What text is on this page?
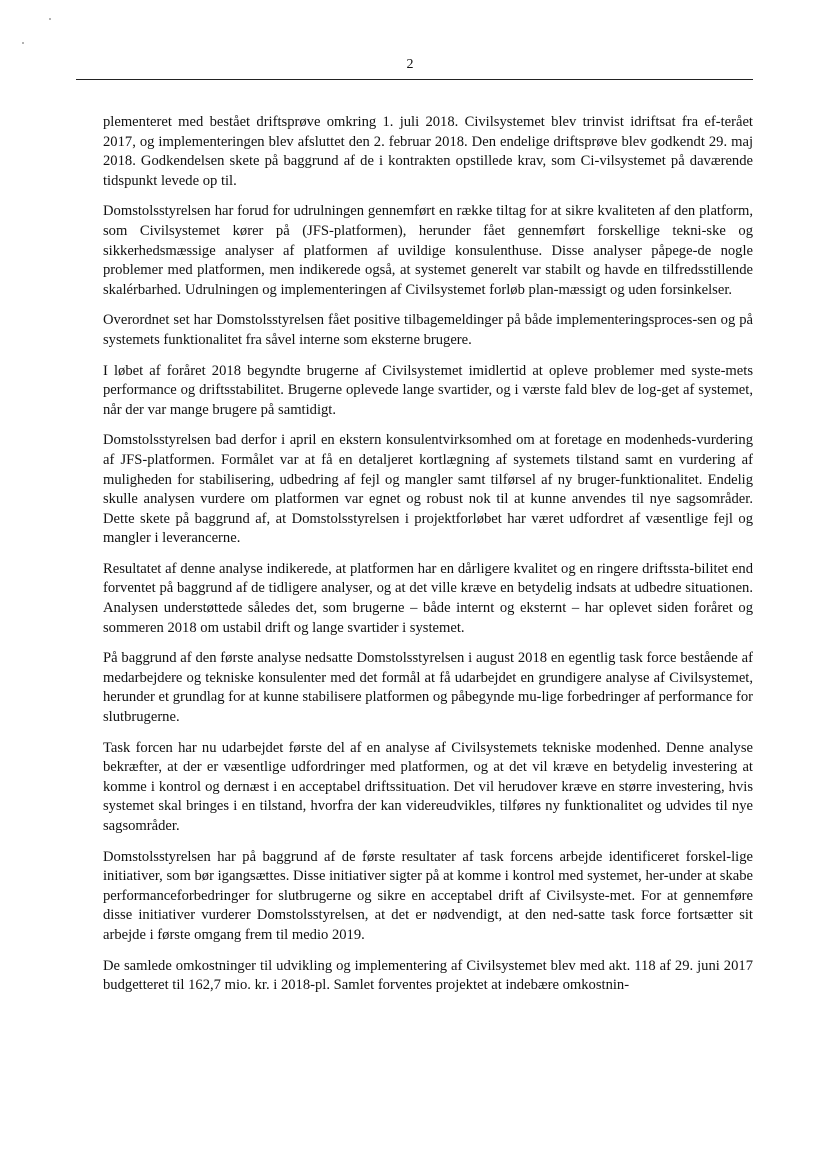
2

plementeret med bestået driftsprøve omkring 1. juli 2018. Civilsystemet blev trinvist idriftsat fra ef-terået 2017, og implementeringen blev afsluttet den 2. februar 2018. Den endelige driftsprøve blev godkendt 29. maj 2018. Godkendelsen skete på baggrund af de i kontrakten opstillede krav, som Ci-vilsystemet på daværende tidspunkt levede op til.

Domstolsstyrelsen har forud for udrulningen gennemført en række tiltag for at sikre kvaliteten af den platform, som Civilsystemet kører på (JFS-platformen), herunder fået gennemført forskellige tekni-ske og sikkerhedsmæssige analyser af platformen af uvildige konsulenthuse. Disse analyser påpege-de nogle problemer med platformen, men indikerede også, at systemet generelt var stabilt og havde en tilfredsstillende skalérbarhed. Udrulningen og implementeringen af Civilsystemet forløb plan-mæssigt og uden forsinkelser.

Overordnet set har Domstolsstyrelsen fået positive tilbagemeldinger på både implementeringsproces-sen og på systemets funktionalitet fra såvel interne som eksterne brugere.

I løbet af foråret 2018 begyndte brugerne af Civilsystemet imidlertid at opleve problemer med syste-mets performance og driftsstabilitet. Brugerne oplevede lange svartider, og i værste fald blev de log-get af systemet, når der var mange brugere på samtidigt.

Domstolsstyrelsen bad derfor i april en ekstern konsulentvirksomhed om at foretage en modenheds-vurdering af JFS-platformen. Formålet var at få en detaljeret kortlægning af systemets tilstand samt en vurdering af muligheden for stabilisering, udbedring af fejl og mangler samt tilførsel af ny bruger-funktionalitet. Endelig skulle analysen vurdere om platformen var egnet og robust nok til at kunne anvendes til nye sagsområder. Dette skete på baggrund af, at Domstolsstyrelsen i projektforløbet har været udfordret af væsentlige fejl og mangler i leverancerne.

Resultatet af denne analyse indikerede, at platformen har en dårligere kvalitet og en ringere driftssta-bilitet end forventet på baggrund af de tidligere analyser, og at det ville kræve en betydelig indsats at udbedre situationen. Analysen understøttede således det, som brugerne – både internt og eksternt – har oplevet siden foråret og sommeren 2018 om ustabil drift og lange svartider i systemet.

På baggrund af den første analyse nedsatte Domstolsstyrelsen i august 2018 en egentlig task force bestående af medarbejdere og tekniske konsulenter med det formål at få udarbejdet en grundigere analyse af Civilsystemet, herunder et grundlag for at kunne stabilisere platformen og påbegynde mu-lige forbedringer af performance for slutbrugerne.

Task forcen har nu udarbejdet første del af en analyse af Civilsystemets tekniske modenhed. Denne analyse bekræfter, at der er væsentlige udfordringer med platformen, og at det vil kræve en betydelig investering at komme i kontrol og dernæst i en acceptabel driftssituation. Det vil herudover kræve en større investering, hvis systemet skal bringes i en tilstand, hvorfra der kan videreudvikles, tilføres ny funktionalitet og udvides til nye sagsområder.

Domstolsstyrelsen har på baggrund af de første resultater af task forcens arbejde identificeret forskel-lige initiativer, som bør igangsættes. Disse initiativer sigter på at komme i kontrol med systemet, her-under at skabe performanceforbedringer for slutbrugerne og sikre en acceptabel drift af Civilsyste-met. For at gennemføre disse initiativer vurderer Domstolsstyrelsen, at det er nødvendigt, at den ned-satte task force fortsætter sit arbejde i første omgang frem til medio 2019.

De samlede omkostninger til udvikling og implementering af Civilsystemet blev med akt. 118 af 29. juni 2017 budgetteret til 162,7 mio. kr. i 2018-pl. Samlet forventes projektet at indebære omkostnin-
